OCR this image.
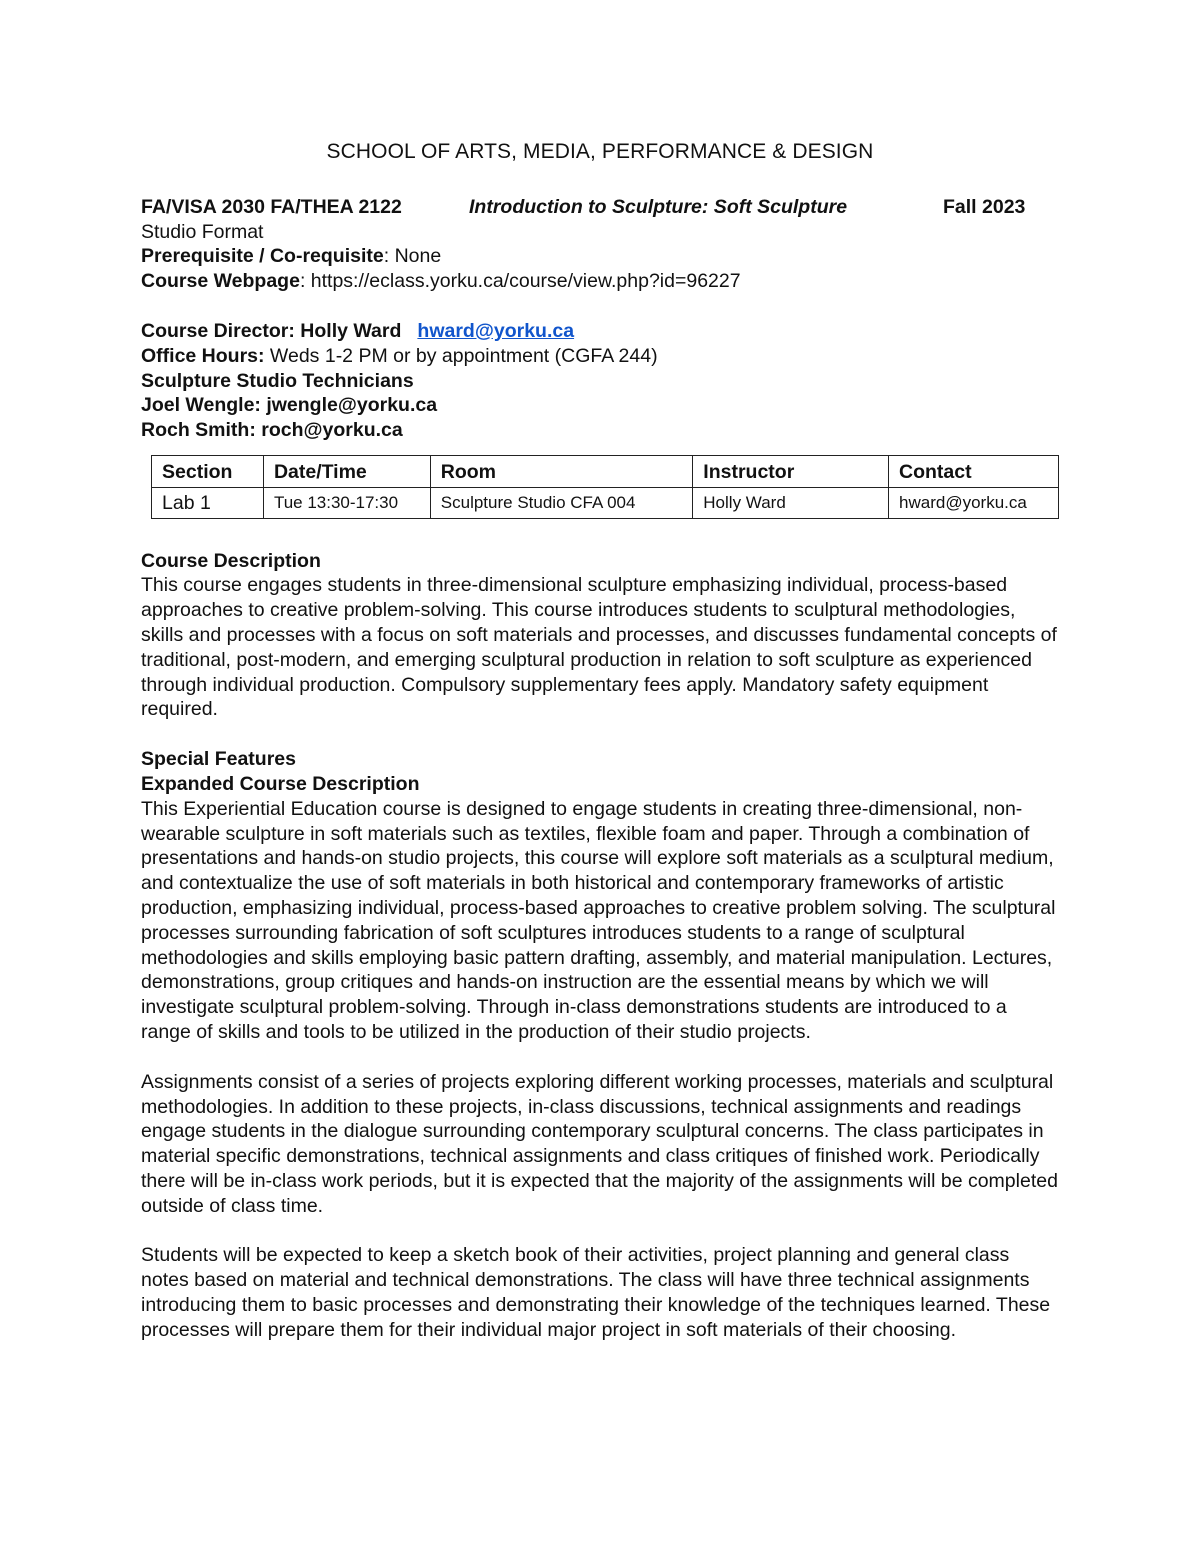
SCHOOL OF ARTS, MEDIA, PERFORMANCE & DESIGN
FA/VISA 2030 FA/THEA 2122	Introduction to Sculpture: Soft Sculpture	Fall 2023
Studio Format
Prerequisite / Co-requisite: None
Course Webpage: https://eclass.yorku.ca/course/view.php?id=96227
Course Director: Holly Ward hward@yorku.ca
Office Hours: Weds 1-2 PM or by appointment (CGFA 244)
Sculpture Studio Technicians
Joel Wengle: jwengle@yorku.ca
Roch Smith: roch@yorku.ca
Section	Date/Time	Room	Instructor	Contact
Lab 1	Tue 13:30-17:30	Sculpture Studio CFA 004	Holly Ward	hward@yorku.ca
Course Description

This course engages students in three-dimensional sculpture emphasizing individual, process-based approaches to creative problem-solving. This course introduces students to sculptural methodologies, skills and processes with a focus on soft materials and processes, and discusses fundamental concepts of traditional, post-modern, and emerging sculptural production in relation to soft sculpture as experienced through individual production. Compulsory supplementary fees apply. Mandatory safety equipment required.

Special Features
Expanded Course Description

This Experiential Education course is designed to engage students in creating three-dimensional, non-wearable sculpture in soft materials such as textiles, flexible foam and paper. Through a combination of presentations and hands-on studio projects, this course will explore soft materials as a sculptural medium, and contextualize the use of soft materials in both historical and contemporary frameworks of artistic production, emphasizing individual, process-based approaches to creative problem solving. The sculptural processes surrounding fabrication of soft sculptures introduces students to a range of sculptural methodologies and skills employing basic pattern drafting, assembly, and material manipulation. Lectures, demonstrations, group critiques and hands-on instruction are the essential means by which we will investigate sculptural problem-solving. Through in-class demonstrations students are introduced to a range of skills and tools to be utilized in the production of their studio projects.

Assignments consist of a series of projects exploring different working processes, materials and sculptural methodologies. In addition to these projects, in-class discussions, technical assignments and readings engage students in the dialogue surrounding contemporary sculptural concerns. The class participates in material specific demonstrations, technical assignments and class critiques of finished work. Periodically there will be in-class work periods, but it is expected that the majority of the assignments will be completed outside of class time.

Students will be expected to keep a sketch book of their activities, project planning and general class notes based on material and technical demonstrations. The class will have three technical assignments introducing them to basic processes and demonstrating their knowledge of the techniques learned. These processes will prepare them for their individual major project in soft materials of their choosing.
